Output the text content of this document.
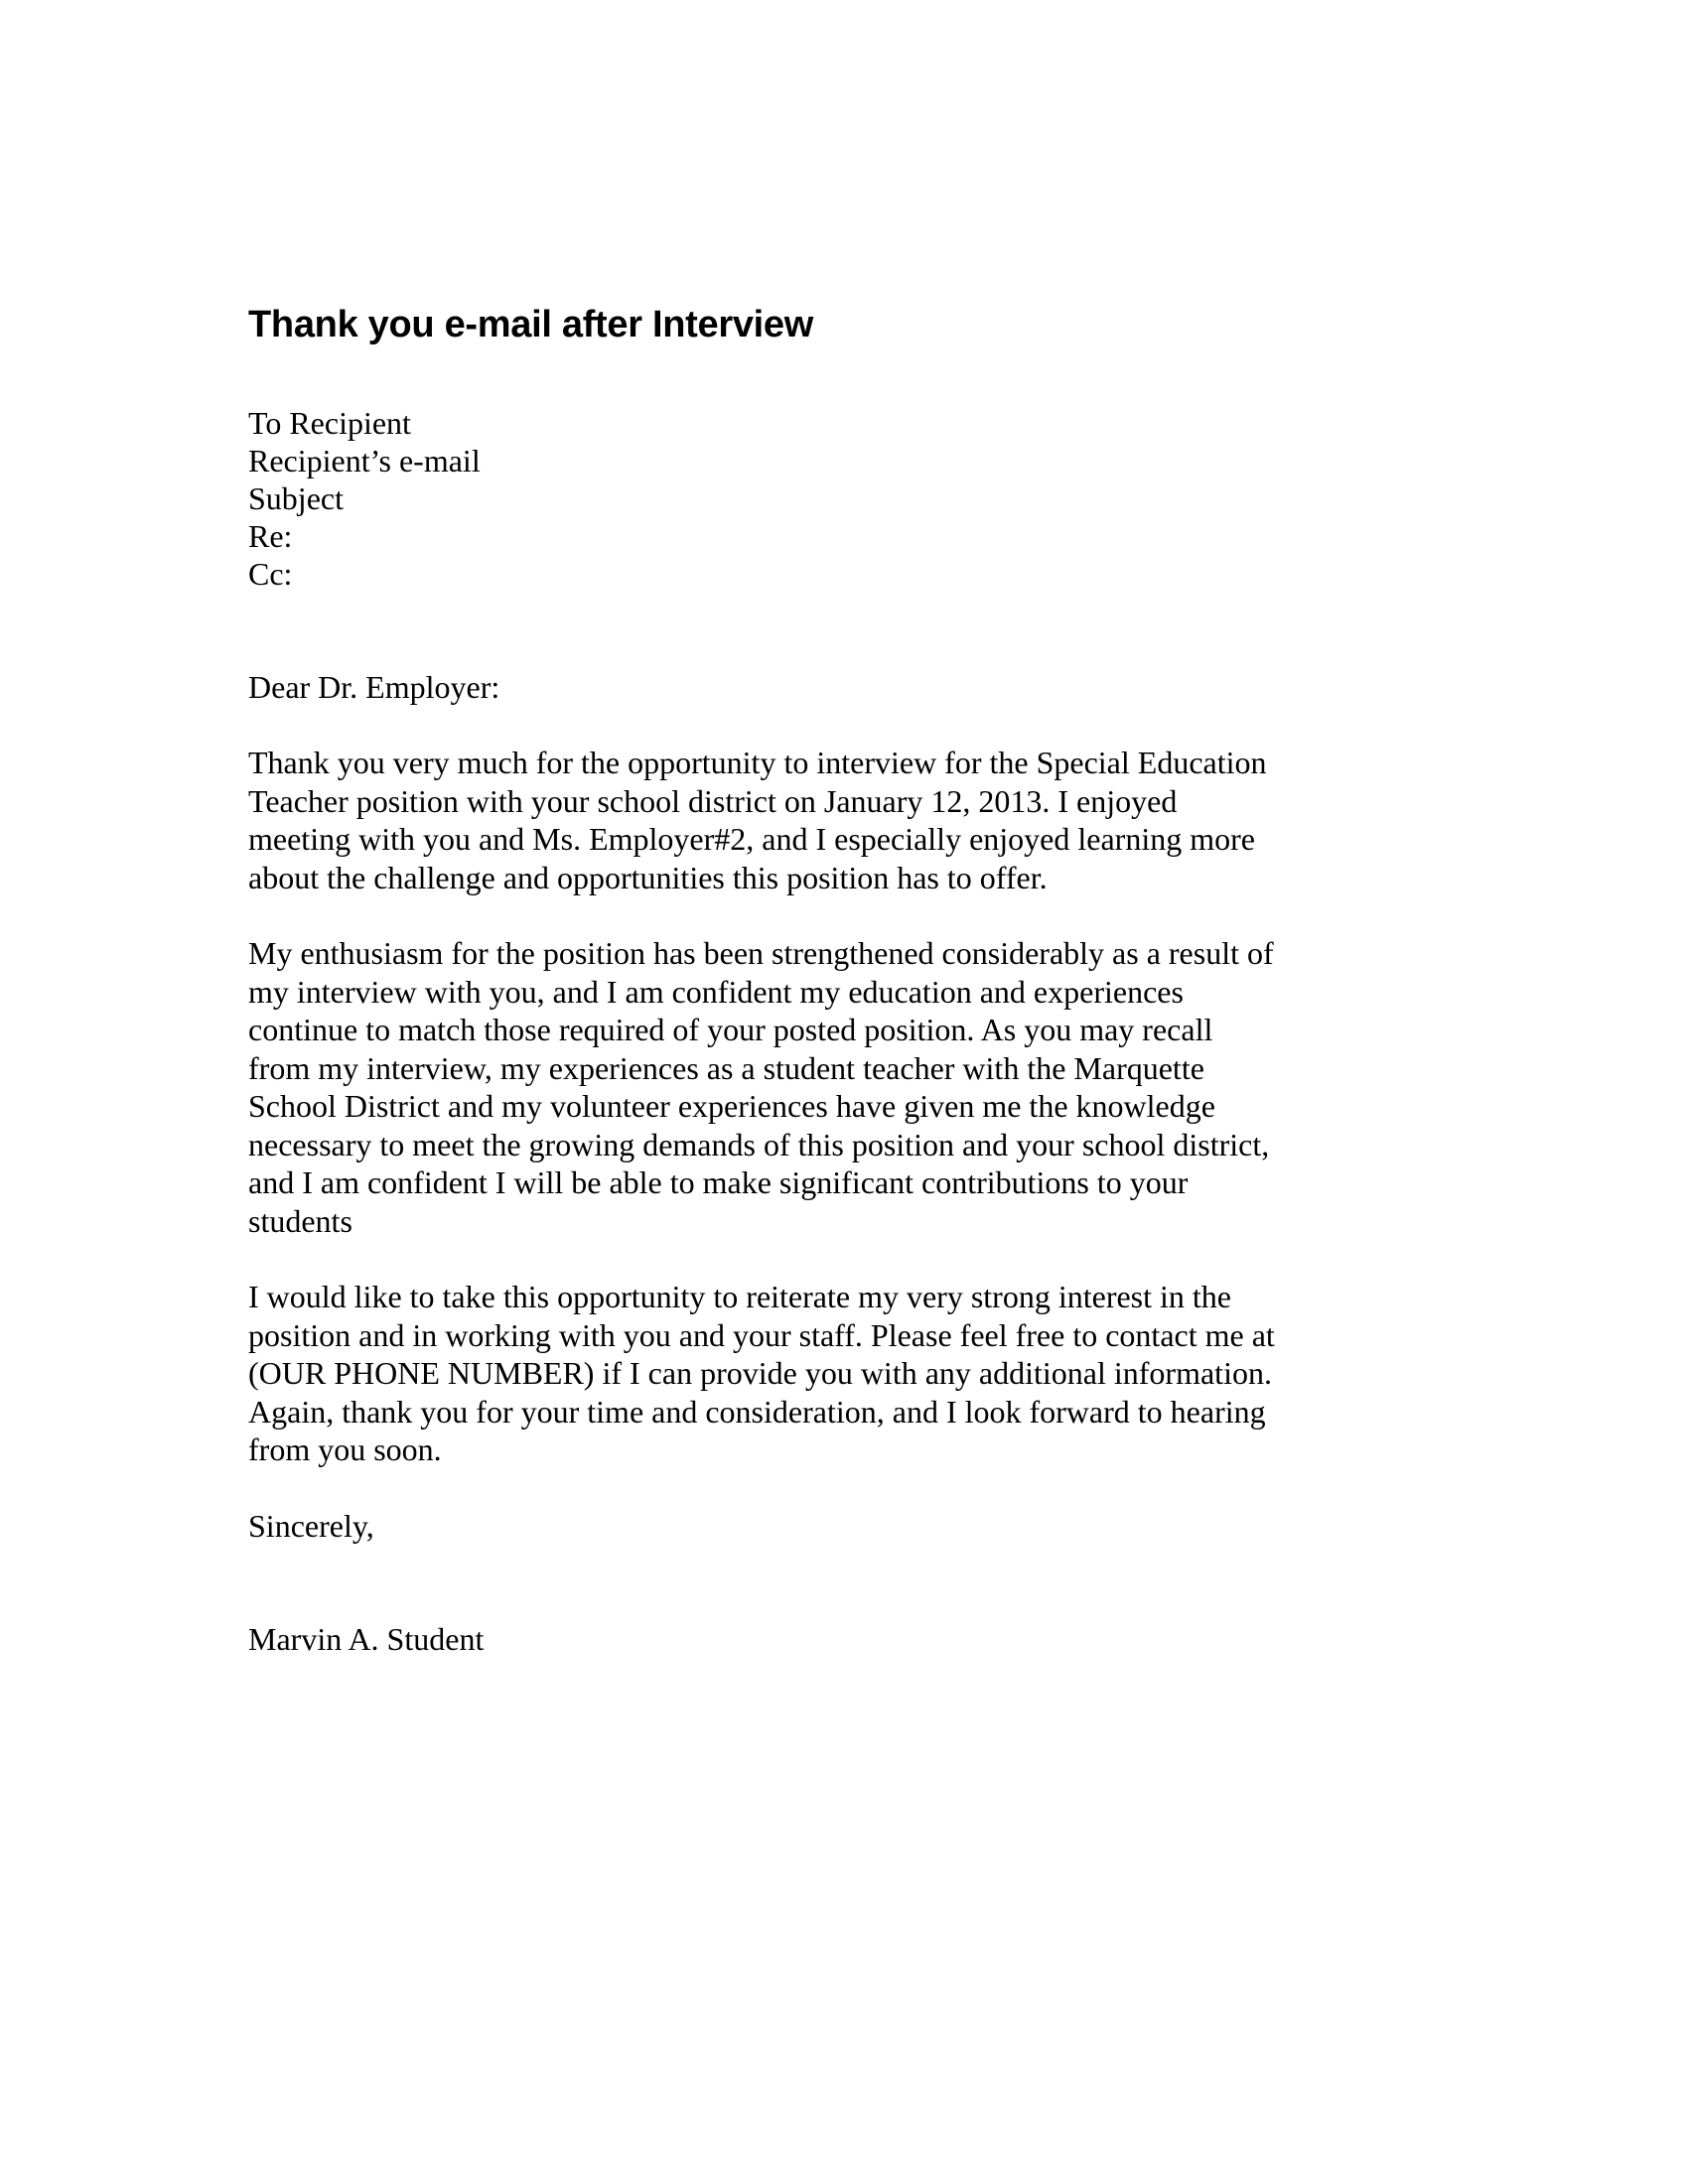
Thank you e-mail after Interview
To Recipient
Recipient’s e-mail
Subject
Re:
Cc:

Dear Dr. Employer:

Thank you very much for the opportunity to interview for the Special Education Teacher position with your school district on January 12, 2013. I enjoyed meeting with you and Ms. Employer#2, and I especially enjoyed learning more about the challenge and opportunities this position has to offer.

My enthusiasm for the position has been strengthened considerably as a result of my interview with you, and I am confident my education and experiences continue to match those required of your posted position. As you may recall from my interview, my experiences as a student teacher with the Marquette School District and my volunteer experiences have given me the knowledge necessary to meet the growing demands of this position and your school district, and I am confident I will be able to make significant contributions to your students

I would like to take this opportunity to reiterate my very strong interest in the position and in working with you and your staff. Please feel free to contact me at (OUR PHONE NUMBER) if I can provide you with any additional information. Again, thank you for your time and consideration, and I look forward to hearing from you soon.

Sincerely,

Marvin A. Student
